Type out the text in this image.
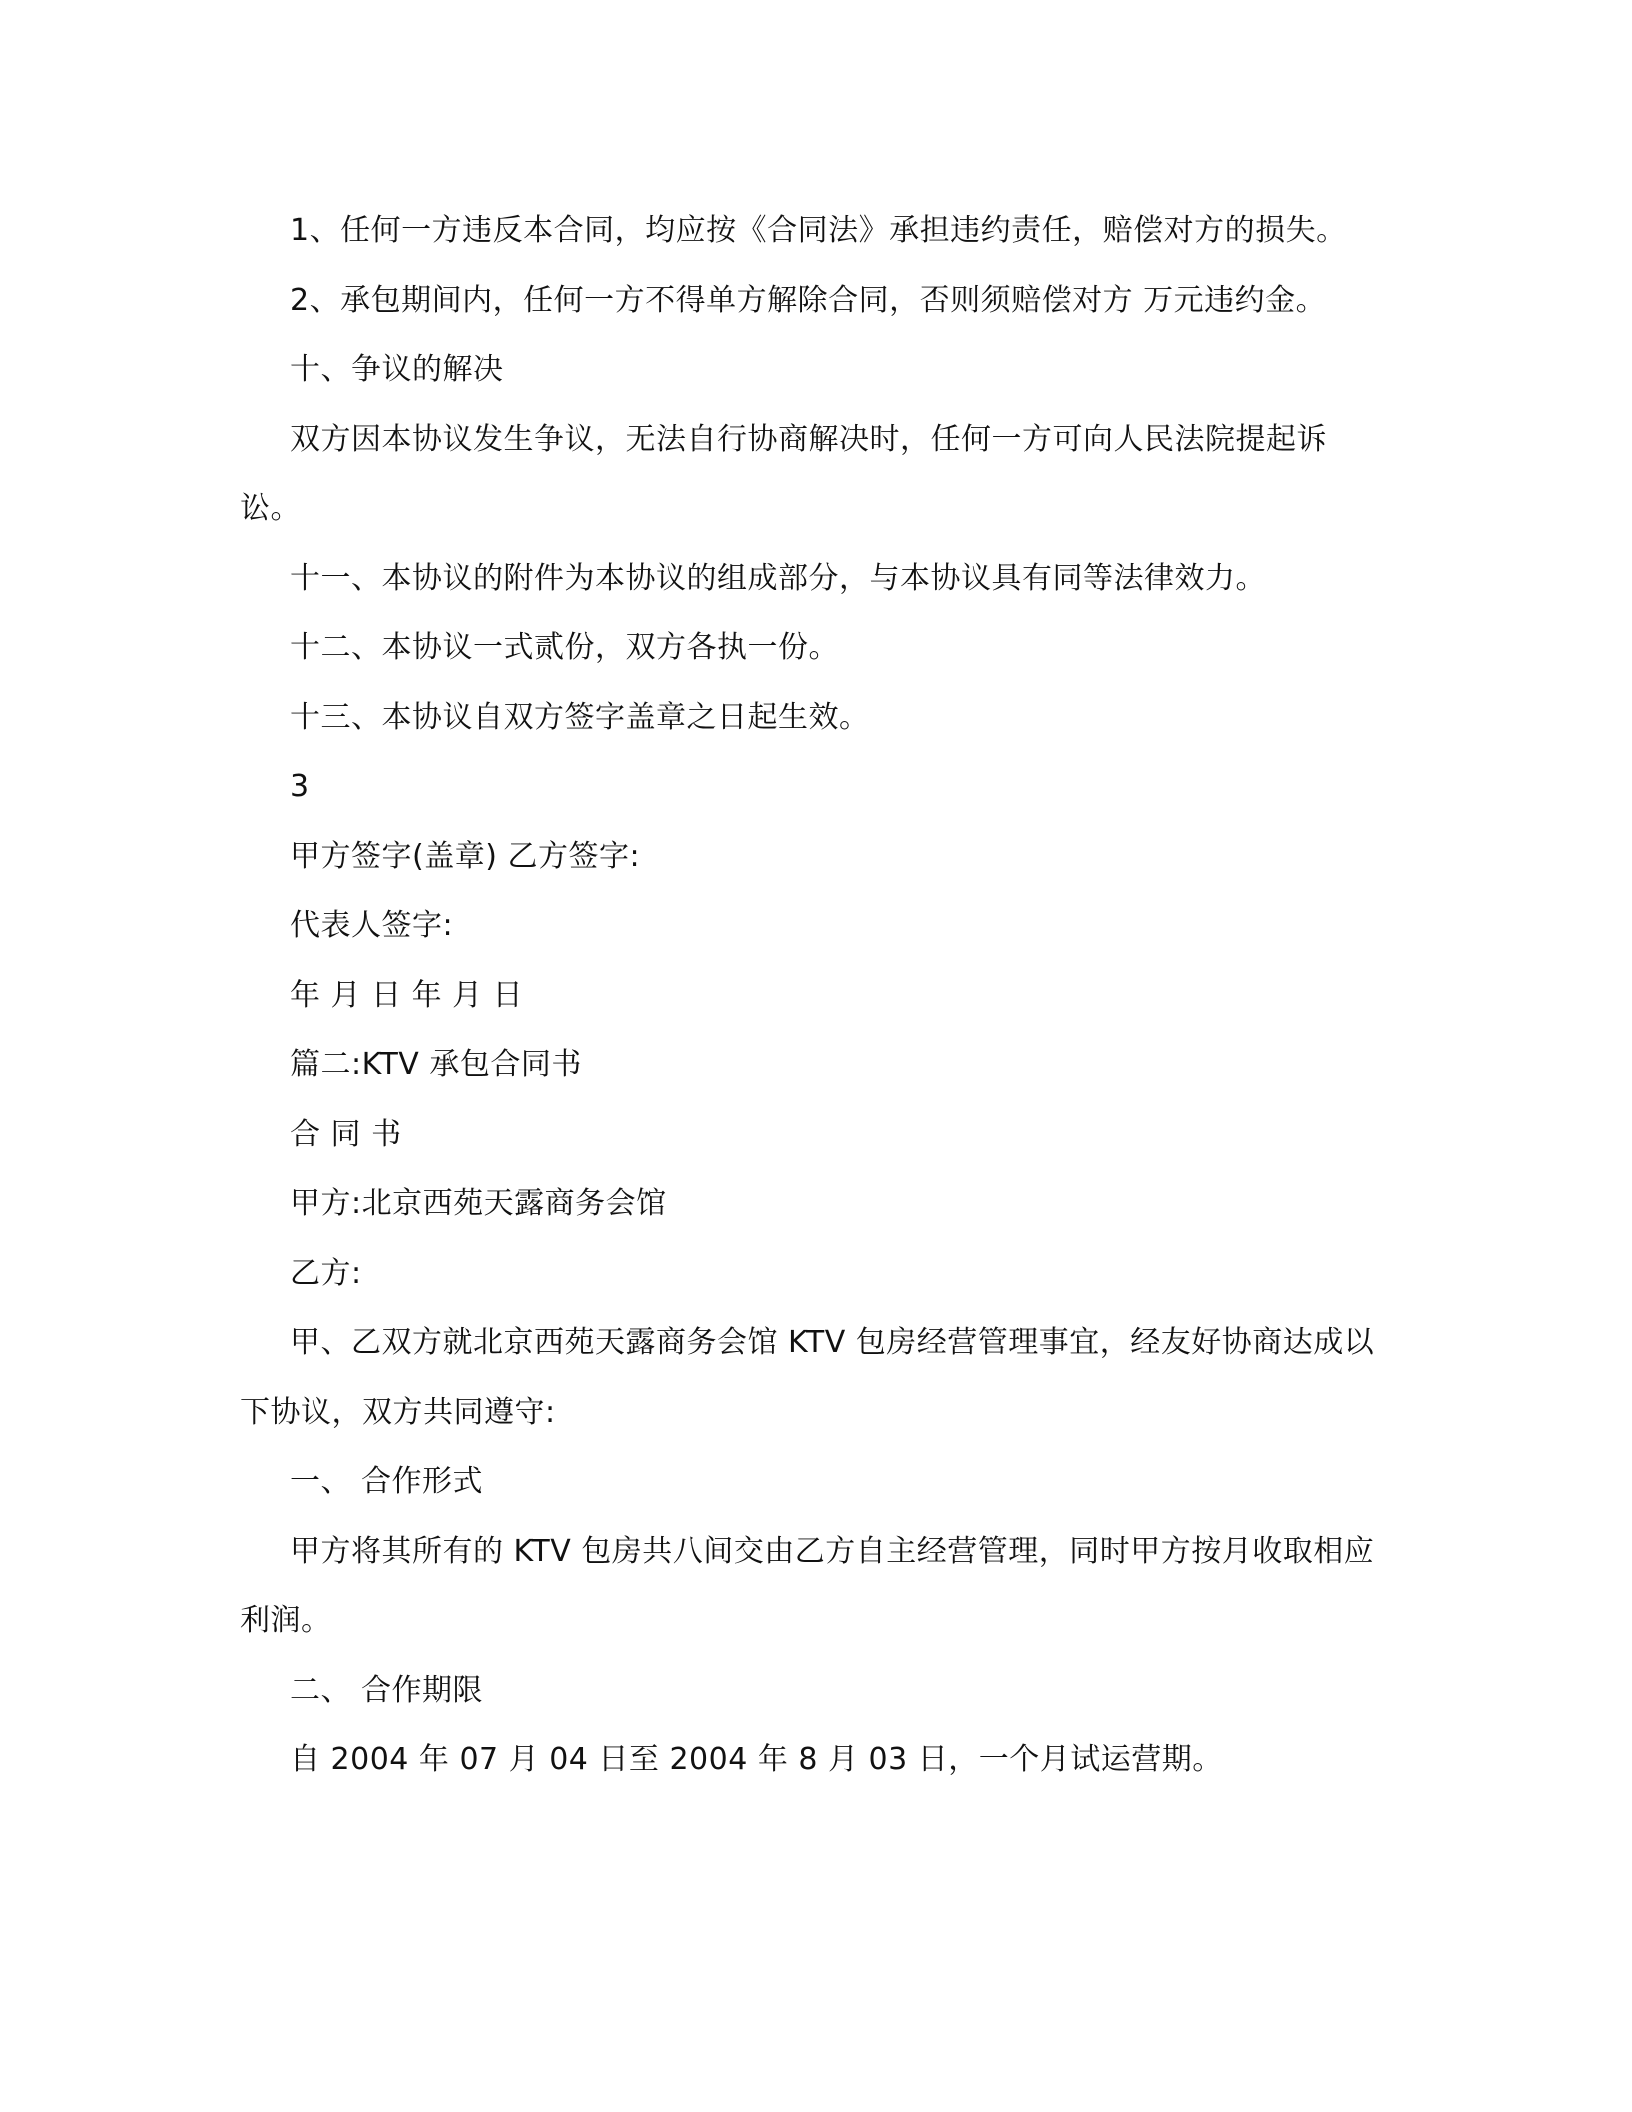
1、任何一方违反本合同，均应按《合同法》承担违约责任，赔偿对方的损失。

2、承包期间内，任何一方不得单方解除合同，否则须赔偿对方 万元违约金。

十、争议的解决

双方因本协议发生争议，无法自行协商解决时，任何一方可向人民法院提起诉讼。

十一、本协议的附件为本协议的组成部分，与本协议具有同等法律效力。

十二、本协议一式贰份，双方各执一份。

十三、本协议自双方签字盖章之日起生效。

3

甲方签字(盖章) 乙方签字:

代表人签字:

年 月 日 年 月 日

篇二:KTV 承包合同书

合 同 书

甲方:北京西苑天露商务会馆

乙方:

甲、乙双方就北京西苑天露商务会馆 KTV 包房经营管理事宜，经友好协商达成以下协议，双方共同遵守:

一、 合作形式

甲方将其所有的 KTV 包房共八间交由乙方自主经营管理，同时甲方按月收取相应利润。

二、 合作期限

自 2004 年 07 月 04 日至 2004 年 8 月 03 日，一个月试运营期。
